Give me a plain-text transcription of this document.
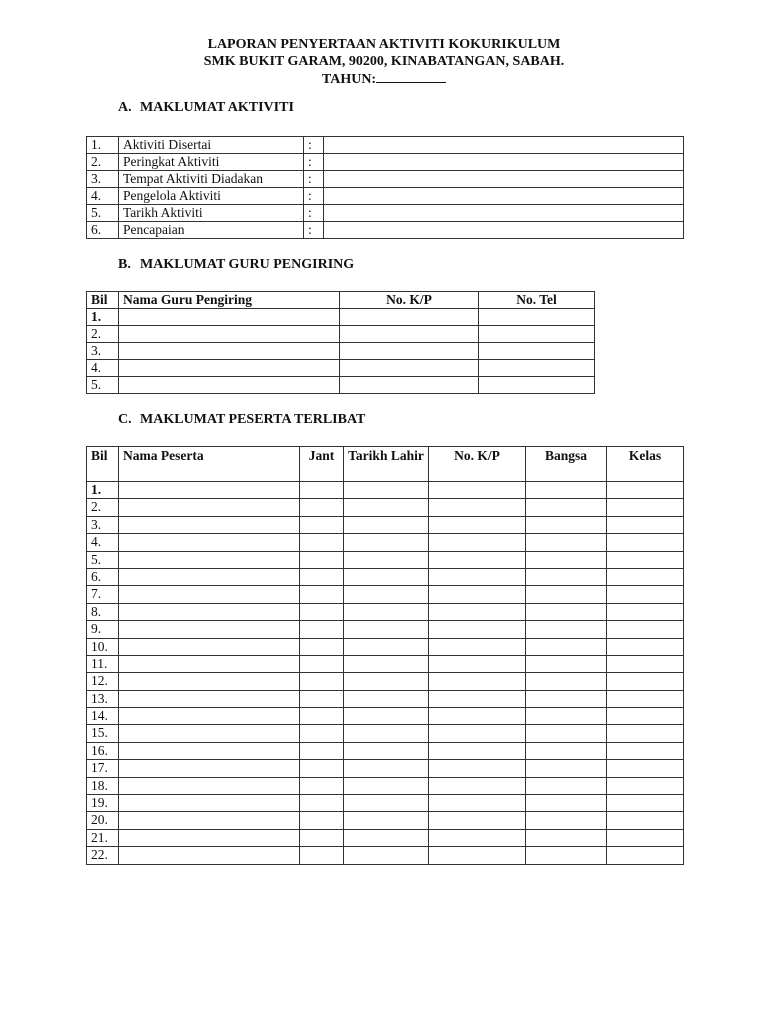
LAPORAN PENYERTAAN AKTIVITI KOKURIKULUM
SMK BUKIT GARAM, 90200, KINABATANGAN, SABAH.
TAHUN:
A. MAKLUMAT AKTIVITI
1.	Aktiviti Disertai	:	
2.	Peringkat Aktiviti	:	
3.	Tempat Aktiviti Diadakan	:	
4.	Pengelola Aktiviti	:	
5.	Tarikh Aktiviti	:	
6.	Pencapaian	:	
B. MAKLUMAT GURU PENGIRING
Bil	Nama Guru Pengiring	No. K/P	No. Tel
1.			
2.			
3.			
4.			
5.			
C. MAKLUMAT PESERTA TERLIBAT
Bil	Nama Peserta	Jant	Tarikh Lahir	No. K/P	Bangsa	Kelas
1.						
2.						
3.						
4.						
5.						
6.						
7.						
8.						
9.						
10.						
11.						
12.						
13.						
14.						
15.						
16.						
17.						
18.						
19.						
20.						
21.						
22.						
